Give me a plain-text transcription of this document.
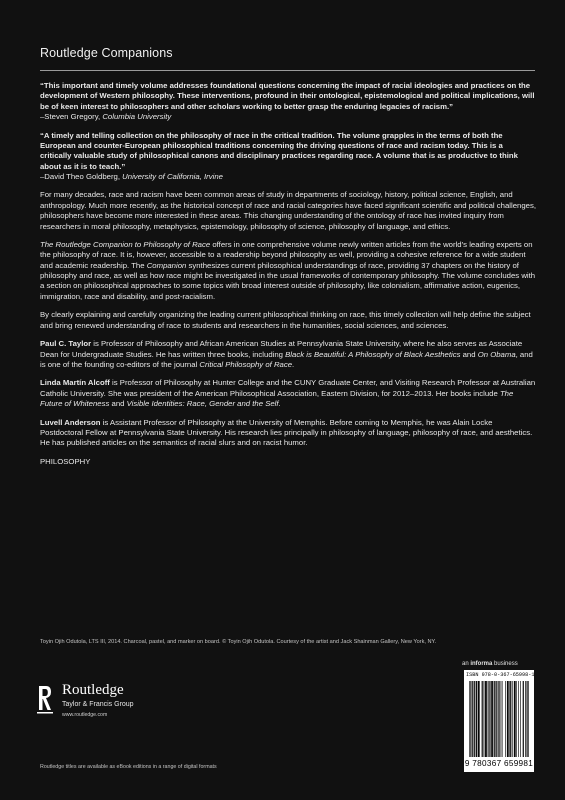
Routledge Companions

“This important and timely volume addresses foundational questions concerning the impact of racial ideologies and practices on the development of Western philosophy. These interventions, profound in their ontological, epistemological and political implications, will be of keen interest to philosophers and other scholars working to better grasp the enduring legacies of racism.”
–Steven Gregory, Columbia University

“A timely and telling collection on the philosophy of race in the critical tradition. The volume grapples in the terms of both the European and counter-European philosophical traditions concerning the driving questions of race and racism today. This is a critically valuable study of philosophical canons and disciplinary practices regarding race. A volume that is as productive to think about as it is to teach.”
–David Theo Goldberg, University of California, Irvine

For many decades, race and racism have been common areas of study in departments of sociology, history, political science, English, and anthropology. Much more recently, as the historical concept of race and racial categories have faced significant scientific and political challenges, philosophers have become more interested in these areas. This changing understanding of the ontology of race has invited inquiry from researchers in moral philosophy, metaphysics, epistemology, philosophy of science, philosophy of language, and ethics.

The Routledge Companion to Philosophy of Race offers in one comprehensive volume newly written articles from the world’s leading experts on the philosophy of race. It is, however, accessible to a readership beyond philosophy as well, providing a cohesive reference for a wide student and academic readership. The Companion synthesizes current philosophical understandings of race, providing 37 chapters on the history of philosophy and race, as well as how race might be investigated in the usual frameworks of contemporary philosophy. The volume concludes with a section on philosophical approaches to some topics with broad interest outside of philosophy, like colonialism, affirmative action, eugenics, immigration, race and disability, and post-racialism.

By clearly explaining and carefully organizing the leading current philosophical thinking on race, this timely collection will help define the subject and bring renewed understanding of race to students and researchers in the humanities, social sciences, and sciences.

Paul C. Taylor is Professor of Philosophy and African American Studies at Pennsylvania State University, where he also serves as Associate Dean for Undergraduate Studies. He has written three books, including Black is Beautiful: A Philosophy of Black Aesthetics and On Obama, and is one of the founding co-editors of the journal Critical Philosophy of Race.

Linda Martín Alcoff is Professor of Philosophy at Hunter College and the CUNY Graduate Center, and Visiting Research Professor at Australian Catholic University. She was president of the American Philosophical Association, Eastern Division, for 2012–2013. Her books include The Future of Whiteness and Visible Identities: Race, Gender and the Self.

Luvell Anderson is Assistant Professor of Philosophy at the University of Memphis. Before coming to Memphis, he was Alain Locke Postdoctoral Fellow at Pennsylvania State University. His research lies principally in philosophy of language, philosophy of race, and aesthetics. He has published articles on the semantics of racial slurs and on racist humor.

PHILOSOPHY

Toyin Ojih Odutola, LTS III, 2014. Charcoal, pastel, and marker on board. © Toyin Ojih Odutola. Courtesy of the artist and Jack Shainman Gallery, New York, NY.
Routledge
Taylor & Francis Group
www.routledge.com
Routledge titles are available as eBook editions in a range of digital formats
an informa business
ISBN 978-0-367-65998-1
9 780367 659981
